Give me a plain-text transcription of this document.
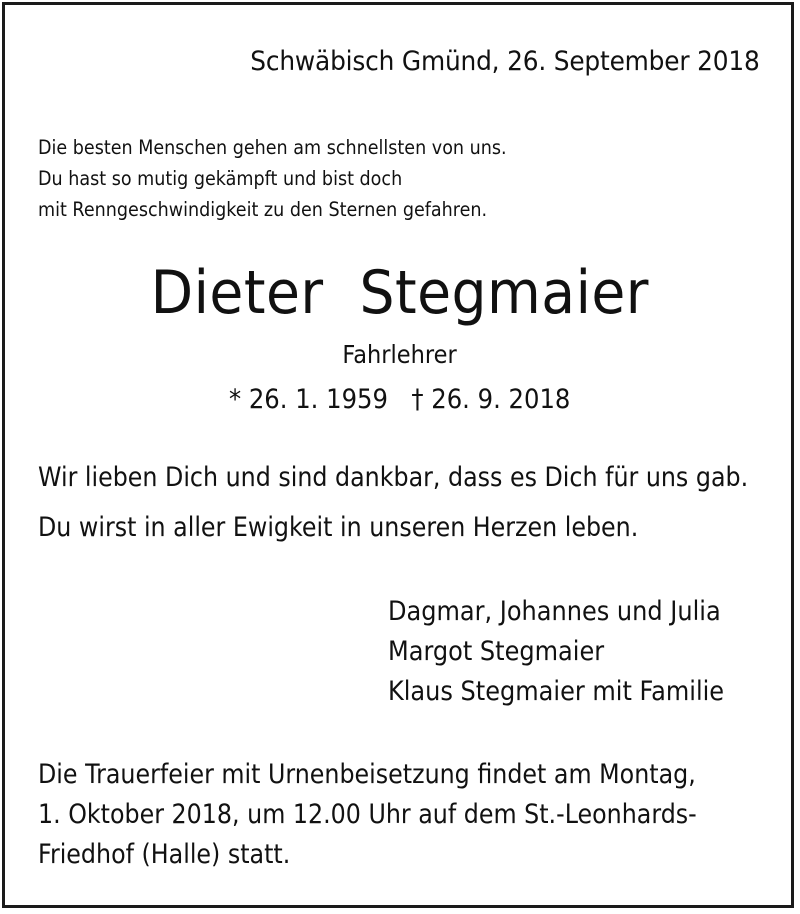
Schwäbisch Gmünd, 26. September 2018
Die besten Menschen gehen am schnellsten von uns.
Du hast so mutig gekämpft und bist doch
mit Renngeschwindigkeit zu den Sternen gefahren.
Dieter  Stegmaier
Fahrlehrer
* 26. 1. 1959 † 26. 9. 2018
Wir lieben Dich und sind dankbar, dass es Dich für uns gab.
Du wirst in aller Ewigkeit in unseren Herzen leben.
Dagmar, Johannes und Julia
Margot Stegmaier
Klaus Stegmaier mit Familie
Die Trauerfeier mit Urnenbeisetzung findet am Montag,
1. Oktober 2018, um 12.00 Uhr auf dem St.-Leonhards-
Friedhof (Halle) statt.
